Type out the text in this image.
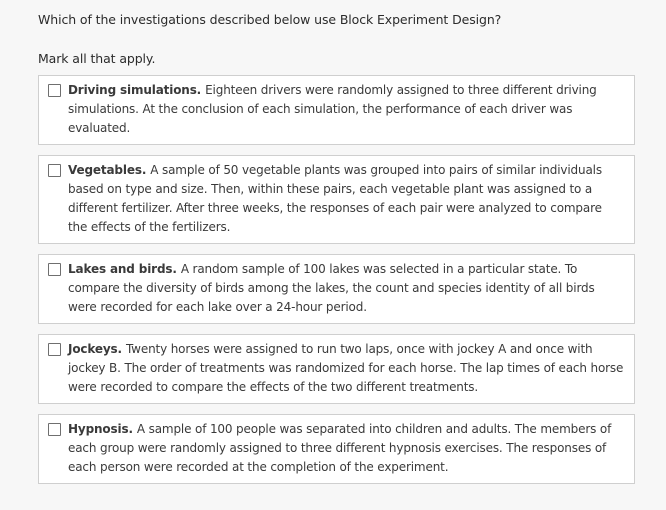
Which of the investigations described below use Block Experiment Design?
Mark all that apply.
Driving simulations. Eighteen drivers were randomly assigned to three different driving simulations. At the conclusion of each simulation, the performance of each driver was evaluated.
Vegetables. A sample of 50 vegetable plants was grouped into pairs of similar individuals based on type and size. Then, within these pairs, each vegetable plant was assigned to a different fertilizer. After three weeks, the responses of each pair were analyzed to compare the effects of the fertilizers.
Lakes and birds. A random sample of 100 lakes was selected in a particular state. To compare the diversity of birds among the lakes, the count and species identity of all birds were recorded for each lake over a 24-hour period.
Jockeys. Twenty horses were assigned to run two laps, once with jockey A and once with jockey B. The order of treatments was randomized for each horse. The lap times of each horse were recorded to compare the effects of the two different treatments.
Hypnosis. A sample of 100 people was separated into children and adults. The members of each group were randomly assigned to three different hypnosis exercises. The responses of each person were recorded at the completion of the experiment.
